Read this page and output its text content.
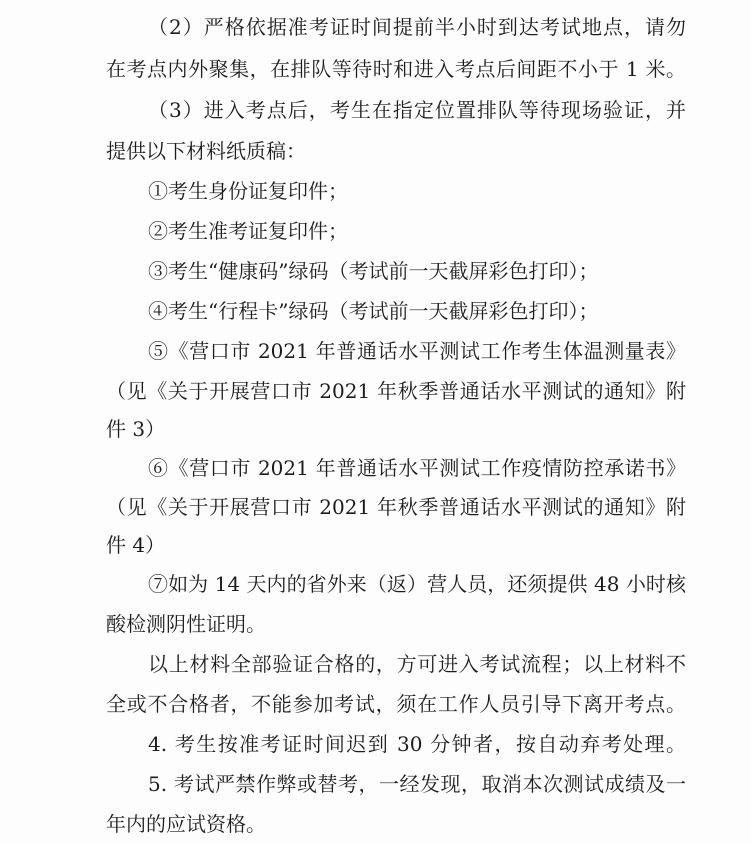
（2）严格依据准考证时间提前半小时到达考试地点，请勿
在考点内外聚集，在排队等待时和进入考点后间距不小于 1 米。
（3）进入考点后，考生在指定位置排队等待现场验证，并
提供以下材料纸质稿：
①考生身份证复印件；
②考生准考证复印件；
③考生“健康码”绿码（考试前一天截屏彩色打印）；
④考生“行程卡”绿码（考试前一天截屏彩色打印）；
⑤《营口市 2021 年普通话水平测试工作考生体温测量表》
（见《关于开展营口市 2021 年秋季普通话水平测试的通知》附
件 3）
⑥《营口市 2021 年普通话水平测试工作疫情防控承诺书》
（见《关于开展营口市 2021 年秋季普通话水平测试的通知》附
件 4）
⑦如为 14 天内的省外来（返）营人员，还须提供 48 小时核
酸检测阴性证明。
以上材料全部验证合格的，方可进入考试流程；以上材料不
全或不合格者，不能参加考试，须在工作人员引导下离开考点。
4. 考生按准考证时间迟到 30 分钟者，按自动弃考处理。
5. 考试严禁作弊或替考，一经发现，取消本次测试成绩及一
年内的应试资格。
